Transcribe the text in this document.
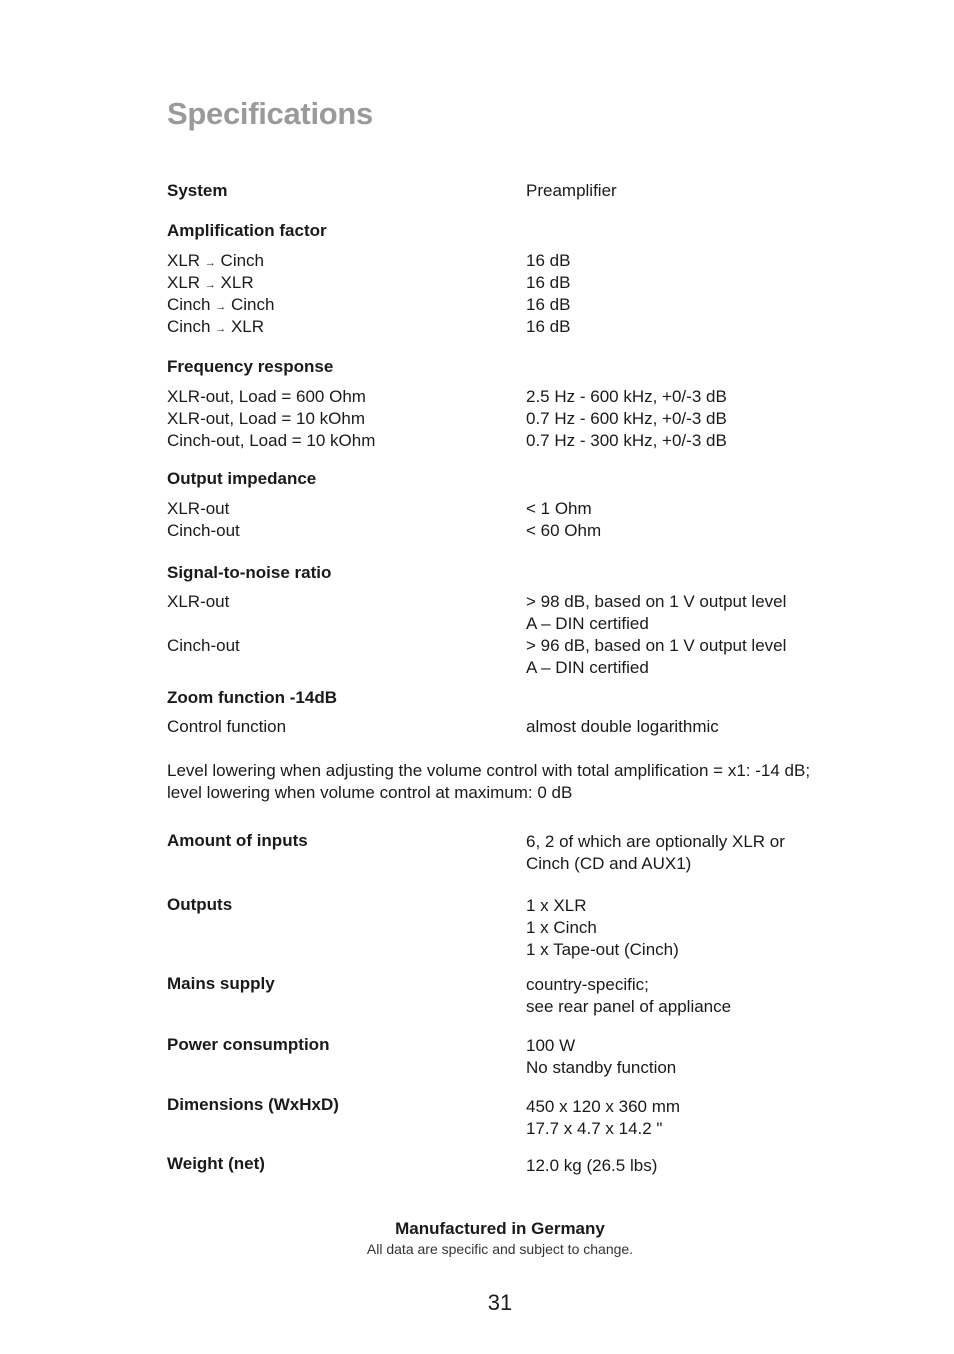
Specifications
System	Preamplifier
Amplification factor
XLR → Cinch	16 dB
XLR → XLR	16 dB
Cinch → Cinch	16 dB
Cinch → XLR	16 dB
Frequency response
XLR-out, Load = 600 Ohm	2.5 Hz - 600 kHz, +0/-3 dB
XLR-out, Load = 10 kOhm	0.7 Hz - 600 kHz, +0/-3 dB
Cinch-out, Load = 10 kOhm	0.7 Hz - 300 kHz, +0/-3 dB
Output impedance
XLR-out	< 1 Ohm
Cinch-out	< 60 Ohm
Signal-to-noise ratio
XLR-out	> 98 dB, based on 1 V output level
A – DIN certified
Cinch-out	> 96 dB, based on 1 V output level
A – DIN certified
Zoom function -14dB
Control function	almost double logarithmic
Level lowering when adjusting the volume control with total amplification = x1: -14 dB;
level lowering when volume control at maximum: 0 dB
Amount of inputs	6, 2 of which are optionally XLR or
Cinch (CD and AUX1)
Outputs	1 x XLR
1 x Cinch
1 x Tape-out (Cinch)
Mains supply	country-specific;
see rear panel of appliance
Power consumption	100 W
No standby function
Dimensions (WxHxD)	450 x 120 x 360 mm
17.7 x 4.7 x 14.2 "
Weight (net)	12.0 kg (26.5 lbs)
Manufactured in Germany
All data are specific and subject to change.
31
